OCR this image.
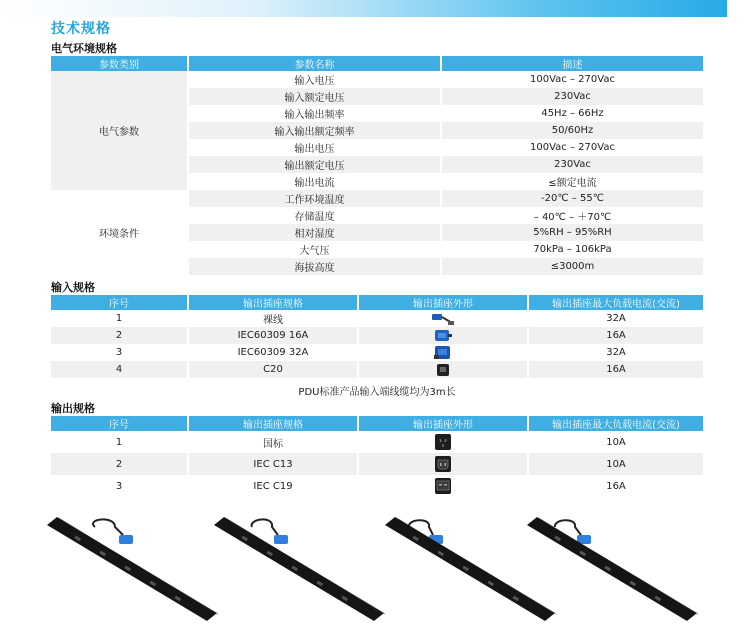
技术规格
电气环境规格
参数类别	参数名称	描述
电气参数	输入电压	100Vac – 270Vac
	输入额定电压	230Vac
	输入输出频率	45Hz – 66Hz
	输入输出额定频率	50/60Hz
	输出电压	100Vac – 270Vac
	输出额定电压	230Vac
	输出电流	≤额定电流
环境条件	工作环境温度	-20℃ – 55℃
	存储温度	– 40℃ – ＋70℃
	相对湿度	5%RH – 95%RH
	大气压	70kPa – 106kPa
	海拔高度	≤3000m
输入规格
序号	输出插座规格	输出插座外形	输出插座最大负载电流(交流)
1	裸线		32A
2	IEC60309 16A		16A
3	IEC60309 32A		32A
4	C20		16A
PDU标准产品输入端线缆均为3m长
输出规格
序号	输出插座规格	输出插座外形	输出插座最大负载电流(交流)
1	国标		10A
2	IEC C13		10A
3	IEC C19		16A
